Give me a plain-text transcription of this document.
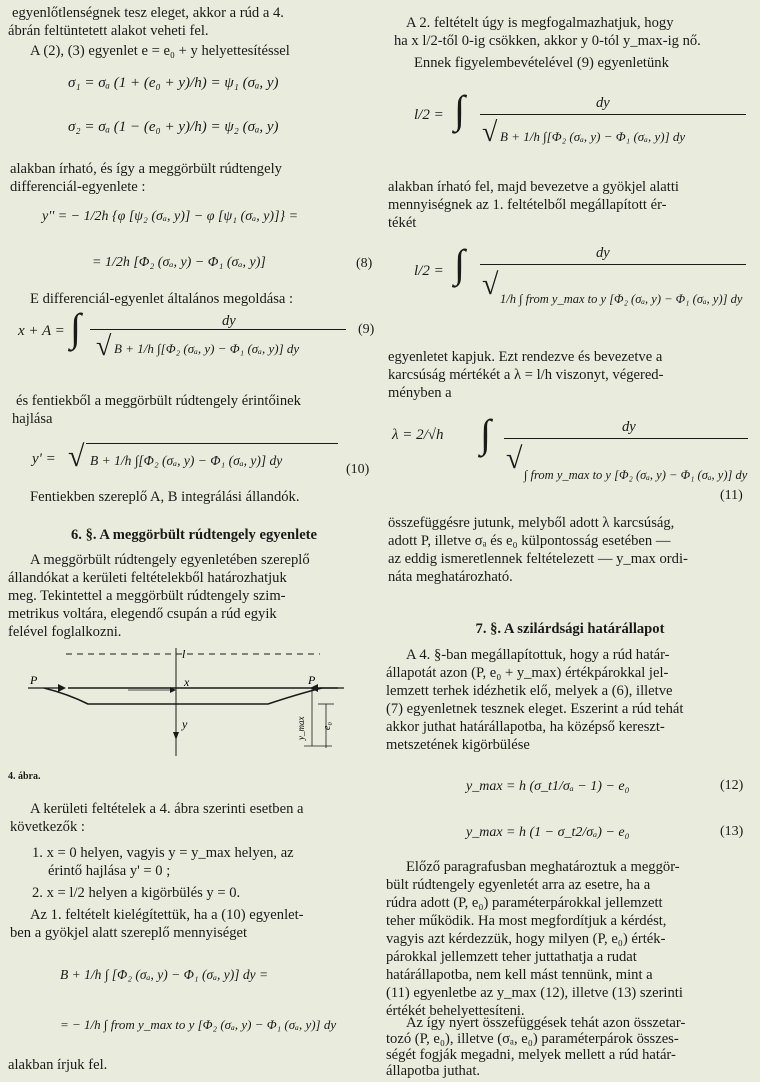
egyenlőtlenségnek tesz eleget, akkor a rúd a 4.
ábrán feltüntetett alakot veheti fel.
A (2), (3) egyenlet e = e₀ + y helyettesítéssel
σ₁ = σₐ (1 + (e₀ + y)/h) = ψ₁ (σₐ, y)
σ₂ = σₐ (1 − (e₀ + y)/h) = ψ₂ (σₐ, y)
alakban írható, és így a meggörbült rúdtengely
differenciál-egyenlete :
y'' = − 1/2h {φ [ψ₂ (σₐ, y)] − φ [ψ₁ (σₐ, y)]} =
= 1/2h [Φ₂ (σₐ, y) − Φ₁ (σₐ, y)]	(8)
E differenciál-egyenlet általános megoldása :
x + A = ∫	dy
√ B + 1/h ∫[Φ₂ (σₐ, y) − Φ₁ (σₐ, y)] dy
(9)
és fentiekből a meggörbült rúdtengely érintőinek
hajlása
y' = √ B + 1/h ∫[Φ₂ (σₐ, y) − Φ₁ (σₐ, y)] dy
(10)
Fentiekben szereplő A, B integrálási állandók.
6. §. A meggörbült rúdtengely egyenlete
A meggörbült rúdtengely egyenletében szereplő
állandókat a kerületi feltételekből határozhatjuk
meg. Tekintettel a meggörbült rúdtengely szim-
metrikus voltára, elegendő csupán a rúd egyik
felével foglalkozni.
P	P
l
x
y	y_max e₀
4. ábra.
A kerületi feltételek a 4. ábra szerinti esetben a
következők :
1. x = 0 helyen, vagyis y = y_max helyen, az
érintő hajlása y' = 0 ;
2. x = l/2 helyen a kigörbülés y = 0.
Az 1. feltételt kielégítettük, ha a (10) egyenlet-
ben a gyökjel alatt szereplő mennyiséget
B + 1/h ∫ [Φ₂ (σₐ, y) − Φ₁ (σₐ, y)] dy =
= − 1/h ∫ from y_max to y [Φ₂ (σₐ, y) − Φ₁ (σₐ, y)] dy
alakban írjuk fel.
A 2. feltételt úgy is megfogalmazhatjuk, hogy
ha x l/2-től 0-ig csökken, akkor y 0-tól y_max-ig nő.
Ennek figyelembevételével (9) egyenletünk
l/2 = ∫	dy
√ B + 1/h ∫[Φ₂ (σₐ, y) − Φ₁ (σₐ, y)] dy
alakban írható fel, majd bevezetve a gyökjel alatti
mennyiségnek az 1. feltételből megállapított ér-
tékét
l/2 = ∫	dy
√ 1/h ∫ from y_max to y [Φ₂ (σₐ, y) − Φ₁ (σₐ, y)] dy
egyenletet kapjuk. Ezt rendezve és bevezetve a
karcsúság mértékét a λ = l/h viszonyt, végered-
ményben a
λ = 2/√h ∫	dy
√ ∫ from y_max to y [Φ₂ (σₐ, y) − Φ₁ (σₐ, y)] dy
(11)
összefüggésre jutunk, melyből adott λ karcsúság,
adott P, illetve σₐ és e₀ külpontosság esetében —
az eddig ismeretlennek feltételezett — y_max ordi-
náta meghatározható.
7. §. A szilárdsági határállapot
A 4. §-ban megállapítottuk, hogy a rúd határ-
állapotát azon (P, e₀ + y_max) értékpárokkal jel-
lemzett terhek idézhetik elő, melyek a (6), illetve
(7) egyenletnek tesznek eleget. Eszerint a rúd tehát
akkor juthat határállapotba, ha középső kereszt-
metszetének kigörbülése
y_max = h (σ_t1/σₐ − 1) − e₀	(12)
y_max = h (1 − σ_t2/σₐ) − e₀	(13)
Előző paragrafusban meghatároztuk a meggör-
bült rúdtengely egyenletét arra az esetre, ha a
rúdra adott (P, e₀) paraméterpárokkal jellemzett
teher működik. Ha most megfordítjuk a kérdést,
vagyis azt kérdezzük, hogy milyen (P, e₀) érték-
párokkal jellemzett teher juttathatja a rudat
határállapotba, nem kell mást tennünk, mint a
(11) egyenletbe az y_max (12), illetve (13) szerinti
értékét behelyettesíteni.
Az így nyert összefüggések tehát azon összetar-
tozó (P, e₀), illetve (σₐ, e₀) paraméterpárok összes-
ségét fogják megadni, melyek mellett a rúd határ-
állapotba juthat.
